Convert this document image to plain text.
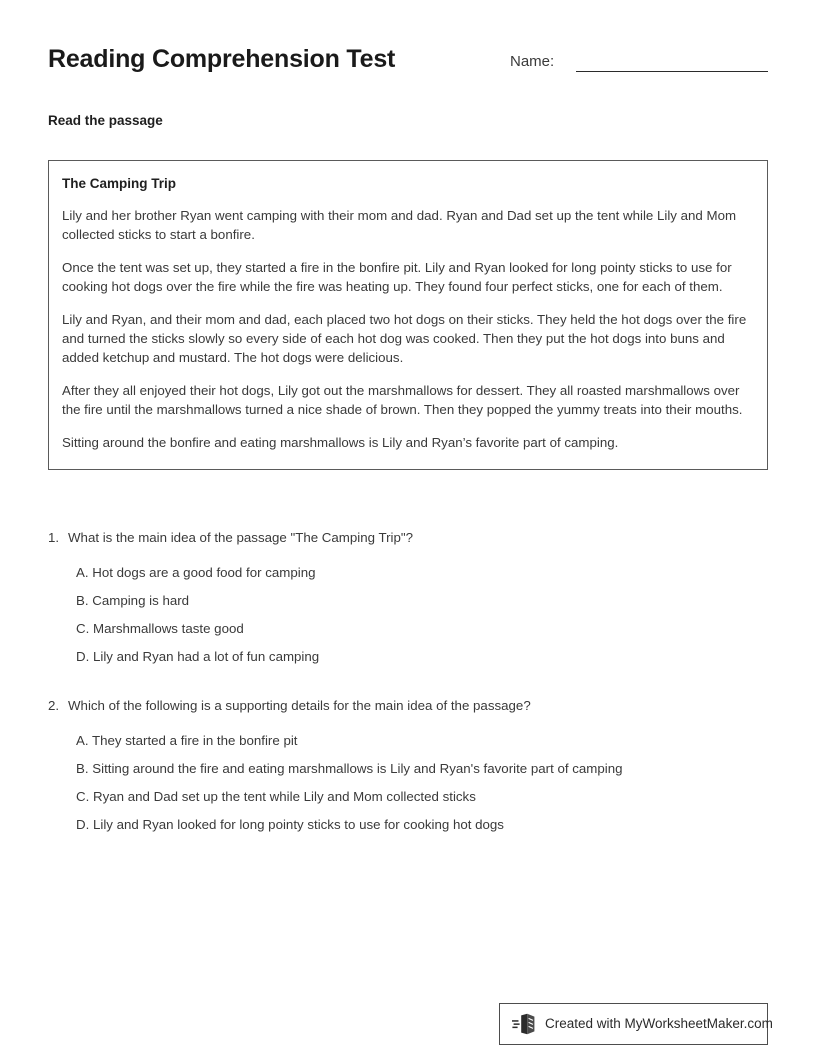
Reading Comprehension Test	Name:
Read the passage
The Camping Trip

Lily and her brother Ryan went camping with their mom and dad. Ryan and Dad set up the tent while Lily and Mom collected sticks to start a bonfire.

Once the tent was set up, they started a fire in the bonfire pit. Lily and Ryan looked for long pointy sticks to use for cooking hot dogs over the fire while the fire was heating up. They found four perfect sticks, one for each of them.

Lily and Ryan, and their mom and dad, each placed two hot dogs on their sticks. They held the hot dogs over the fire and turned the sticks slowly so every side of each hot dog was cooked. Then they put the hot dogs into buns and added ketchup and mustard. The hot dogs were delicious.

After they all enjoyed their hot dogs, Lily got out the marshmallows for dessert. They all roasted marshmallows over the fire until the marshmallows turned a nice shade of brown. Then they popped the yummy treats into their mouths.

Sitting around the bonfire and eating marshmallows is Lily and Ryan’s favorite part of camping.

1. What is the main idea of the passage "The Camping Trip"?
A. Hot dogs are a good food for camping
B. Camping is hard
C. Marshmallows taste good
D. Lily and Ryan had a lot of fun camping
2. Which of the following is a supporting details for the main idea of the passage?
A. They started a fire in the bonfire pit
B. Sitting around the fire and eating marshmallows is Lily and Ryan's favorite part of camping
C. Ryan and Dad set up the tent while Lily and Mom collected sticks
D. Lily and Ryan looked for long pointy sticks to use for cooking hot dogs
Created with MyWorksheetMaker.com
